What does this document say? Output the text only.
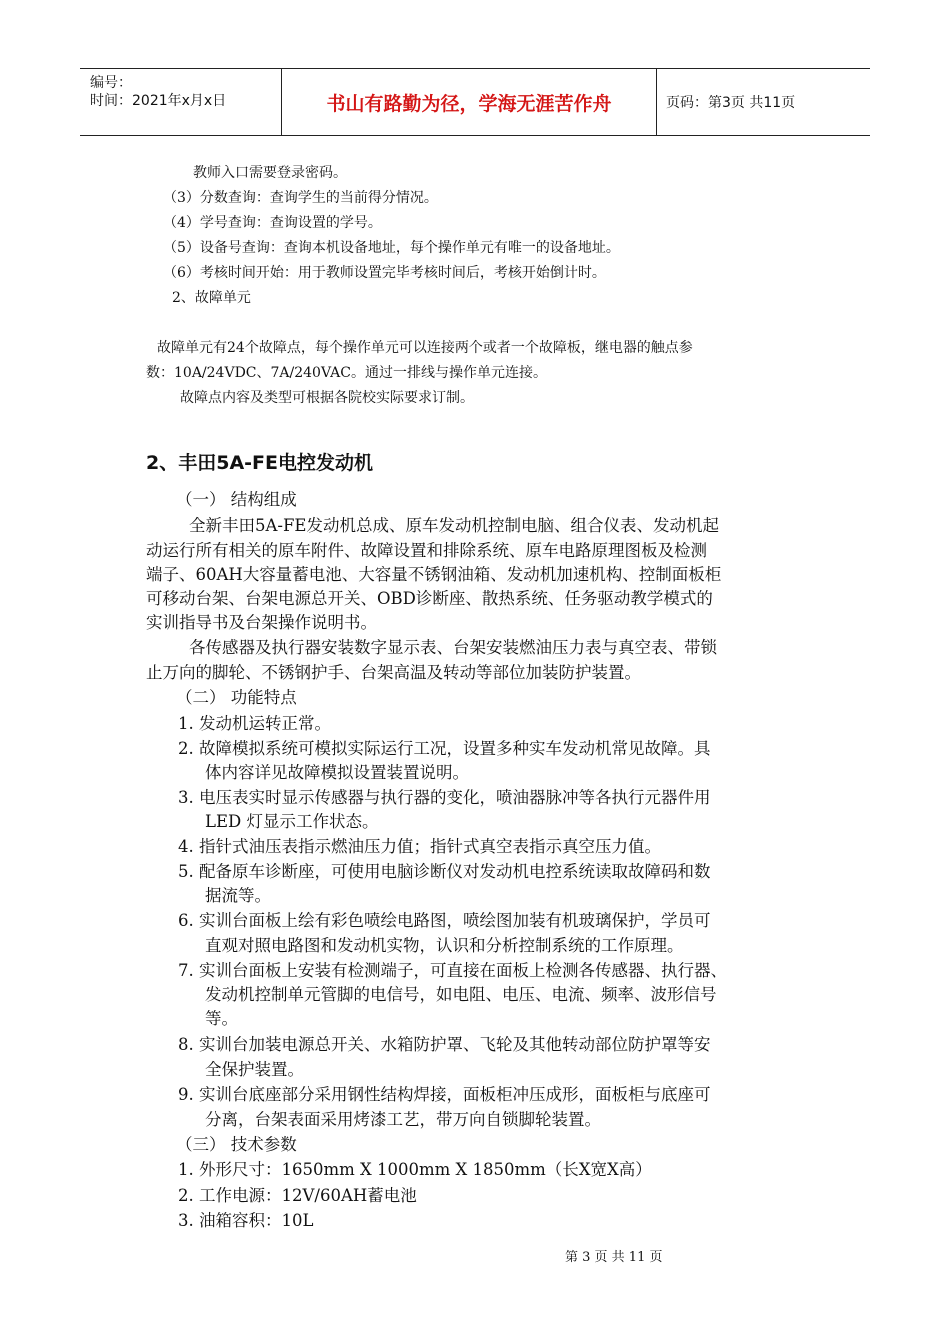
编号：
时间：2021年x月x日	书山有路勤为径，学海无涯苦作舟	页码：第3页 共11页
教师入口需要登录密码。
（3）分数查询：查询学生的当前得分情况。
（4）学号查询：查询设置的学号。
（5）设备号查询：查询本机设备地址，每个操作单元有唯一的设备地址。
（6）考核时间开始：用于教师设置完毕考核时间后，考核开始倒计时。
2、故障单元
故障单元有24个故障点，每个操作单元可以连接两个或者一个故障板，继电器的触点参
数：10A/24VDC、7A/240VAC。通过一排线与操作单元连接。
故障点内容及类型可根据各院校实际要求订制。
2、丰田5A-FE电控发动机
（一） 结构组成
全新丰田5A-FE发动机总成、原车发动机控制电脑、组合仪表、发动机起
动运行所有相关的原车附件、故障设置和排除系统、原车电路原理图板及检测
端子、60AH大容量蓄电池、大容量不锈钢油箱、发动机加速机构、控制面板柜
可移动台架、台架电源总开关、OBD诊断座、散热系统、任务驱动教学模式的
实训指导书及台架操作说明书。
各传感器及执行器安装数字显示表、台架安装燃油压力表与真空表、带锁
止万向的脚轮、不锈钢护手、台架高温及转动等部位加装防护装置。
（二） 功能特点
1. 发动机运转正常。
2. 故障模拟系统可模拟实际运行工况，设置多种实车发动机常见故障。具
体内容详见故障模拟设置装置说明。
3. 电压表实时显示传感器与执行器的变化，喷油器脉冲等各执行元器件用
LED 灯显示工作状态。
4. 指针式油压表指示燃油压力值；指针式真空表指示真空压力值。
5. 配备原车诊断座，可使用电脑诊断仪对发动机电控系统读取故障码和数
据流等。
6. 实训台面板上绘有彩色喷绘电路图，喷绘图加装有机玻璃保护，学员可
直观对照电路图和发动机实物，认识和分析控制系统的工作原理。
7. 实训台面板上安装有检测端子，可直接在面板上检测各传感器、执行器、
发动机控制单元管脚的电信号，如电阻、电压、电流、频率、波形信号
等。
8. 实训台加装电源总开关、水箱防护罩、飞轮及其他转动部位防护罩等安
全保护装置。
9. 实训台底座部分采用钢性结构焊接，面板柜冲压成形，面板柜与底座可
分离，台架表面采用烤漆工艺，带万向自锁脚轮装置。
（三） 技术参数
1. 外形尺寸：1650mm X 1000mm X 1850mm（长X宽X高）
2. 工作电源：12V/60AH蓄电池
3. 油箱容积：10L
第 3 页 共 11 页
